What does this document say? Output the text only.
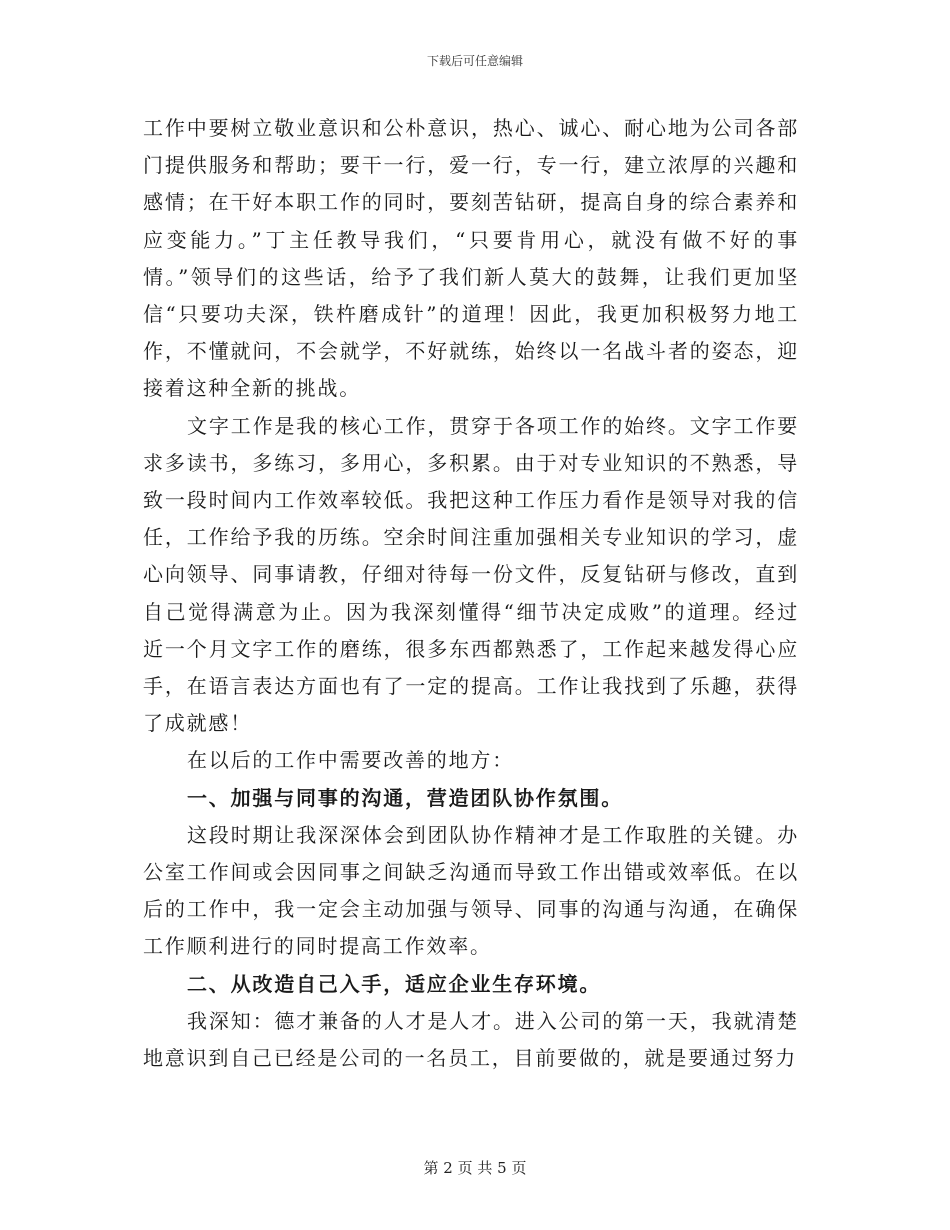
下载后可任意编辑

工作中要树立敬业意识和公朴意识，热心、诚心、耐心地为公司各部门提供服务和帮助；要干一行，爱一行，专一行，建立浓厚的兴趣和感情；在干好本职工作的同时，要刻苦钻研，提高自身的综合素养和应变能力。”丁主任教导我们，“只要肯用心，就没有做不好的事情。”领导们的这些话，给予了我们新人莫大的鼓舞，让我们更加坚信“只要功夫深，铁杵磨成针”的道理！因此，我更加积极努力地工作，不懂就问，不会就学，不好就练，始终以一名战斗者的姿态，迎接着这种全新的挑战。

文字工作是我的核心工作，贯穿于各项工作的始终。文字工作要求多读书，多练习，多用心，多积累。由于对专业知识的不熟悉，导致一段时间内工作效率较低。我把这种工作压力看作是领导对我的信任，工作给予我的历练。空余时间注重加强相关专业知识的学习，虚心向领导、同事请教，仔细对待每一份文件，反复钻研与修改，直到自己觉得满意为止。因为我深刻懂得“细节决定成败”的道理。经过近一个月文字工作的磨练，很多东西都熟悉了，工作起来越发得心应手，在语言表达方面也有了一定的提高。工作让我找到了乐趣，获得了成就感！

在以后的工作中需要改善的地方：

一、加强与同事的沟通，营造团队协作氛围。

这段时期让我深深体会到团队协作精神才是工作取胜的关键。办公室工作间或会因同事之间缺乏沟通而导致工作出错或效率低。在以后的工作中，我一定会主动加强与领导、同事的沟通与沟通，在确保工作顺利进行的同时提高工作效率。

二、从改造自己入手，适应企业生存环境。

我深知：德才兼备的人才是人才。进入公司的第一天，我就清楚地意识到自己已经是公司的一名员工，目前要做的，就是要通过努力

第 2 页 共 5 页
